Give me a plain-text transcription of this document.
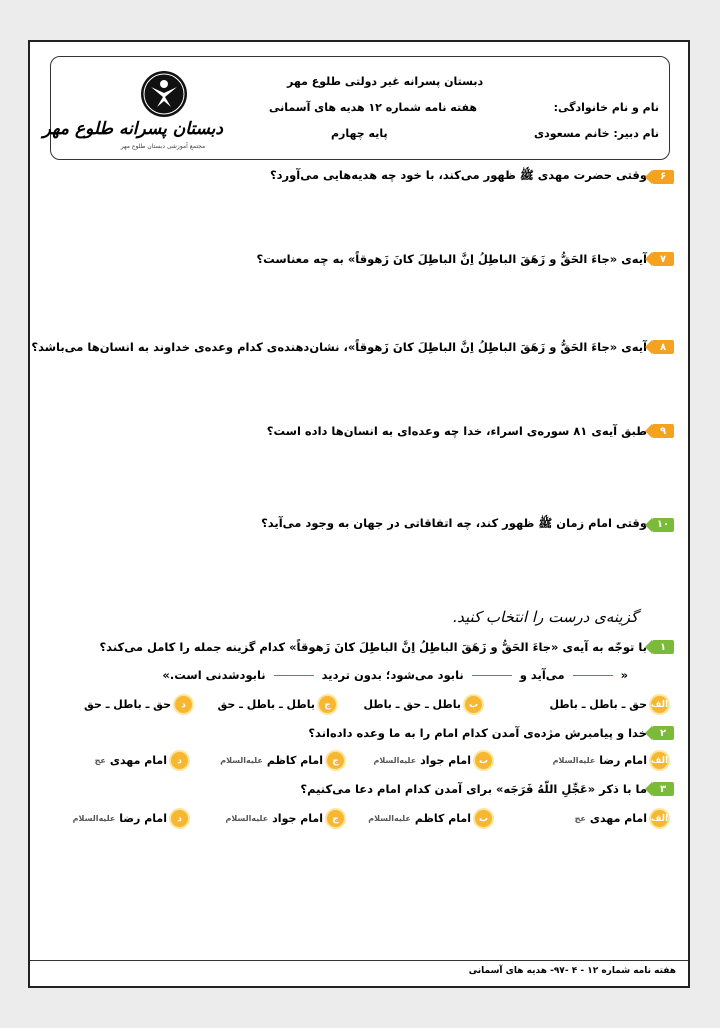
دبستان پسرانه طلوع مهر
مجتمع آموزشی دبستان طلوع مهر
دبستان پسرانه غیر دولتی طلوع مهر
هفته نامه شماره ۱۲ هدیه های آسمانی
پایه چهارم
نام و نام خانوادگی:
نام دبیر: خانم مسعودی
۶
وقتی حضرت مهدی ﷺ ظهور می‌کند، با خود چه هدیه‌هایی می‌آورد؟
۷
آیه‌ی «جاءَ الحَقُّ و زَهَقَ الباطِلُ اِنَّ الباطِلَ کانَ زَهوقاً» به چه معناست؟
۸
آیه‌ی «جاءَ الحَقُّ و زَهَقَ الباطِلُ اِنَّ الباطِلَ کانَ زَهوقاً»، نشان‌دهنده‌ی کدام وعده‌ی خداوند به انسان‌ها می‌باشد؟
۹
طبق آیه‌ی ۸۱ سوره‌ی اسراء، خدا چه وعده‌ای به انسان‌ها داده است؟
۱۰
وقتی امام زمان ﷺ ظهور کند، چه اتفاقاتی در جهان به وجود می‌آید؟
گزینه‌ی درست را انتخاب کنید.
۱
با توجّه به آیه‌ی «جاءَ الحَقُّ و زَهَقَ الباطِلُ اِنَّ الباطِلَ کانَ زَهوقاً» کدام گزینه جمله را کامل می‌کند؟
«
می‌آید و
نابود می‌شود؛ بدون تردید
نابودشدنی است.»
الف
حق ـ باطل ـ باطل
ب
باطل ـ حق ـ باطل
ج
باطل ـ باطل ـ حق
د
حق ـ باطل ـ حق
۲
خدا و پیامبرش مژده‌ی آمدن کدام امام را به ما وعده داده‌اند؟
الف
امام رضا
علیه‌السلام
ب
امام جواد
علیه‌السلام
ج
امام کاظم
علیه‌السلام
د
امام مهدی
عج
۳
ما با ذکر «عَجِّلِ اللّهُ فَرَجَه» برای آمدن کدام امام دعا می‌کنیم؟
الف
امام مهدی
عج
ب
امام کاظم
علیه‌السلام
ج
امام جواد
علیه‌السلام
د
امام رضا
علیه‌السلام
هفته نامه شماره ۱۲ - ۴ -۹۷- هدیه های آسمانی
